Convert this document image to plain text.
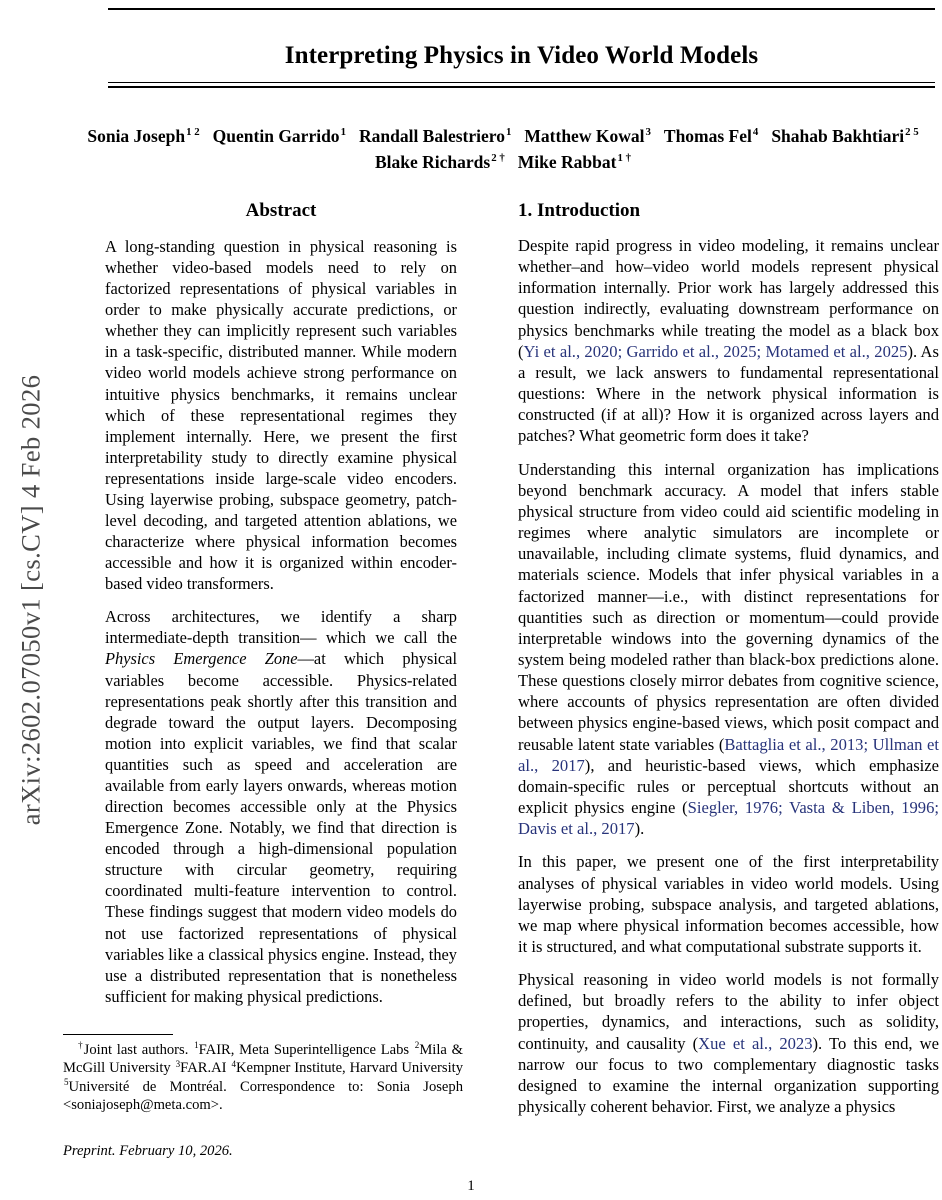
arXiv:2602.07050v1 [cs.CV] 4 Feb 2026
Interpreting Physics in Video World Models
Sonia Joseph$^{1 2}$ Quentin Garrido$^1$ Randall Balestriero$^1$ Matthew Kowal$^3$ Thomas Fel$^4$ Shahab Bakhtiari$^{2 5}$
Blake Richards$^{2 \dagger}$ Mike Rabbat$^{1 \dagger}$
Abstract

A long-standing question in physical reasoning is whether video-based models need to rely on factorized representations of physical variables in order to make physically accurate predictions, or whether they can implicitly represent such variables in a task-specific, distributed manner. While modern video world models achieve strong performance on intuitive physics benchmarks, it remains unclear which of these representational regimes they implement internally. Here, we present the first interpretability study to directly examine physical representations inside large-scale video encoders. Using layerwise probing, subspace geometry, patch-level decoding, and targeted attention ablations, we characterize where physical information becomes accessible and how it is organized within encoder-based video transformers.

Across architectures, we identify a sharp intermediate-depth transition— which we call the Physics Emergence Zone—at which physical variables become accessible. Physics-related representations peak shortly after this transition and degrade toward the output layers. Decomposing motion into explicit variables, we find that scalar quantities such as speed and acceleration are available from early layers onwards, whereas motion direction becomes accessible only at the Physics Emergence Zone. Notably, we find that direction is encoded through a high-dimensional population structure with circular geometry, requiring coordinated multi-feature intervention to control. These findings suggest that modern video models do not use factorized representations of physical variables like a classical physics engine. Instead, they use a distributed representation that is nonetheless sufficient for making physical predictions.

1. Introduction

Despite rapid progress in video modeling, it remains unclear whether–and how–video world models represent physical information internally. Prior work has largely addressed this question indirectly, evaluating downstream performance on physics benchmarks while treating the model as a black box (Yi et al., 2020; Garrido et al., 2025; Motamed et al., 2025). As a result, we lack answers to fundamental representational questions: Where in the network physical information is constructed (if at all)? How it is organized across layers and patches? What geometric form does it take?

Understanding this internal organization has implications beyond benchmark accuracy. A model that infers stable physical structure from video could aid scientific modeling in regimes where analytic simulators are incomplete or unavailable, including climate systems, fluid dynamics, and materials science. Models that infer physical variables in a factorized manner—i.e., with distinct representations for quantities such as direction or momentum—could provide interpretable windows into the governing dynamics of the system being modeled rather than black-box predictions alone. These questions closely mirror debates from cognitive science, where accounts of physics representation are often divided between physics engine-based views, which posit compact and reusable latent state variables (Battaglia et al., 2013; Ullman et al., 2017), and heuristic-based views, which emphasize domain-specific rules or perceptual shortcuts without an explicit physics engine (Siegler, 1976; Vasta & Liben, 1996; Davis et al., 2017).

In this paper, we present one of the first interpretability analyses of physical variables in video world models. Using layerwise probing, subspace analysis, and targeted ablations, we map where physical information becomes accessible, how it is structured, and what computational substrate supports it.

Physical reasoning in video world models is not formally defined, but broadly refers to the ability to infer object properties, dynamics, and interactions, such as solidity, continuity, and causality (Xue et al., 2023). To this end, we narrow our focus to two complementary diagnostic tasks designed to examine the internal organization supporting physically coherent behavior. First, we analyze a physics

†Joint last authors. $^1$FAIR, Meta Superintelligence Labs $^2$Mila & McGill University $^3$FAR.AI $^4$Kempner Institute, Harvard University $^5$Université de Montréal. Correspondence to: Sonia Joseph <soniajoseph@meta.com>.

Preprint. February 10, 2026.
1
